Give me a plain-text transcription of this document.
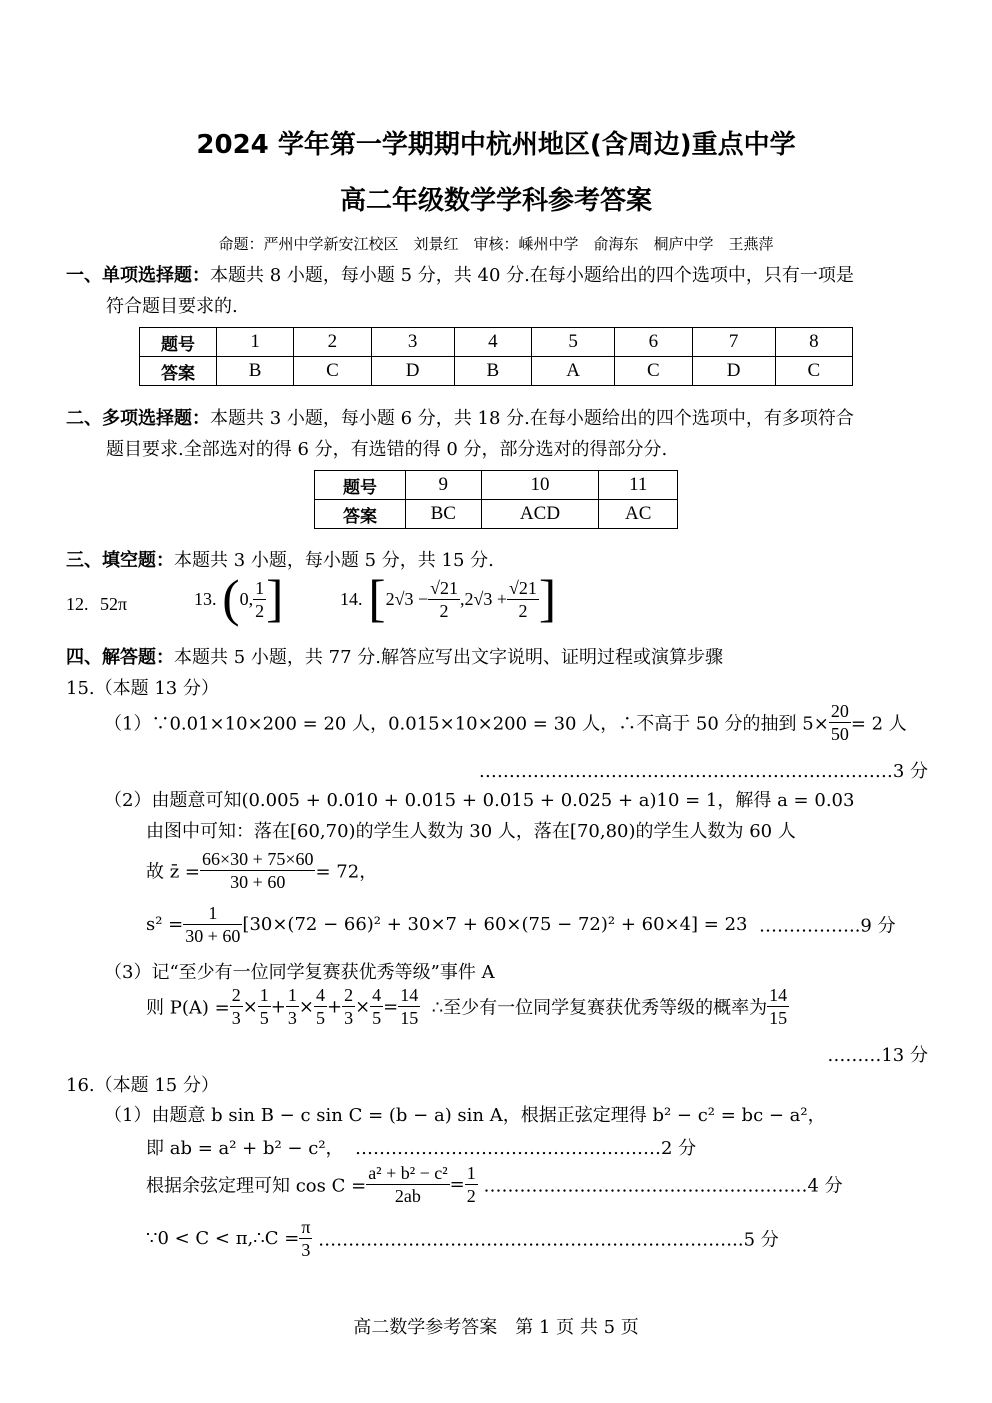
2024 学年第一学期期中杭州地区(含周边)重点中学
高二年级数学学科参考答案
命题：严州中学新安江校区　刘景红　审核：嵊州中学　俞海东　桐庐中学　王燕萍
一、单项选择题：本题共 8 小题，每小题 5 分，共 40 分.在每小题给出的四个选项中，只有一项是
符合题目要求的.
题号	1	2	3	4	5	6	7	8
答案	B	C	D	B	A	C	D	C
二、多项选择题：本题共 3 小题，每小题 6 分，共 18 分.在每小题给出的四个选项中，有多项符合
题目要求.全部选对的得 6 分，有选错的得 0 分，部分选对的得部分分.
题号	9	10	11
答案	BC	ACD	AC
三、填空题：本题共 3 小题，每小题 5 分，共 15 分.
12. 52π	13. (0, $\frac{1}{2}$ ]	14. [$2√3 - \frac{√21}{2} ,2√3 + \frac{√21}{2}$ ]
四、解答题：本题共 5 小题，共 77 分.解答应写出文字说明、证明过程或演算步骤
15.（本题 13 分）
（1）∵0.01×10×200 = 20 人，0.015×10×200 = 30 人，∴不高于 50 分的抽到 $5\times \frac{20}{50} = 2$ 人
……………………………………………………………3 分
（2）由题意可知(0.005 + 0.010 + 0.015 + 0.015 + 0.025 + a)10 = 1，解得 a = 0.03
由图中可知：落在[60,70)的学生人数为 30 人，落在[70,80)的学生人数为 60 人
故 z̄ = $\frac{66\times 30 + 75\times 60}{30 + 60} = 72$，
$s^2 = \frac{1}{30 + 60} [30\times(72 - 66)^2 + 30\times 7 + 60\times(75 - 72)^2 + 60\times 4] = 23$ ……………..9 分
（3）记“至少有一位同学复赛获优秀等级”事件 A
则 $P(A) = \frac{2}{3} \times \frac{1}{5} + \frac{1}{3} \times \frac{4}{5} + \frac{2}{3} \times \frac{4}{5} = \frac{14}{15}$ ∴至少有一位同学复赛获优秀等级的概率为 $\frac{14}{15}$
………13 分
16.（本题 15 分）
（1）由题意 b sin B − c sin C = (b − a) sin A，根据正弦定理得 b² − c² = bc − a²，
即 ab = a² + b² − c²， ……………………………………………2 分
根据余弦定理可知 $\cos C = \frac{\text{a² + b² − c²}}{2ab} = \frac{1}{2}$ ………………………………………………4 分
∵0 < C < π,∴C = $\frac{\pi}{3}$ ……………………………………………………………..5 分
高二数学参考答案　第 1 页 共 5 页
